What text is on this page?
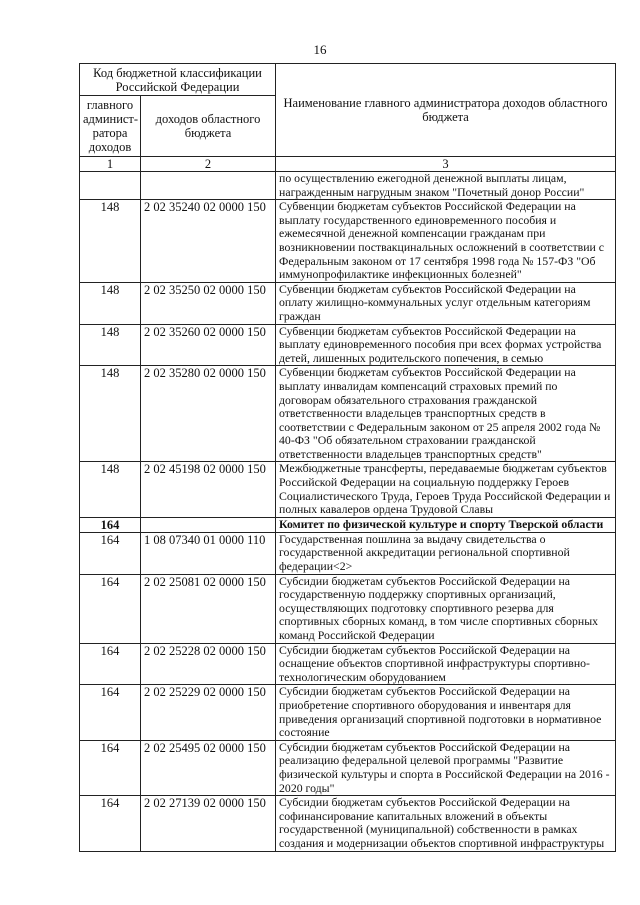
16
Код бюджетной классификации Российской Федерации		Наименование главного администратора доходов областного бюджета
главного админист-ратора доходов	доходов областного бюджета	
1	2	3
		по осуществлению ежегодной денежной выплаты лицам, награжденным нагрудным знаком "Почетный донор России"
148	2 02 35240 02 0000 150	Субвенции бюджетам субъектов Российской Федерации на выплату государственного единовременного пособия и ежемесячной денежной компенсации гражданам при возникновении поствакцинальных осложнений в соответствии с Федеральным законом от 17 сентября 1998 года № 157-ФЗ "Об иммунопрофилактике инфекционных болезней"
148	2 02 35250 02 0000 150	Субвенции бюджетам субъектов Российской Федерации на оплату жилищно-коммунальных услуг отдельным категориям граждан
148	2 02 35260 02 0000 150	Субвенции бюджетам субъектов Российской Федерации на выплату единовременного пособия при всех формах устройства детей, лишенных родительского попечения, в семью
148	2 02 35280 02 0000 150	Субвенции бюджетам субъектов Российской Федерации на выплату инвалидам компенсаций страховых премий по договорам обязательного страхования гражданской ответственности владельцев транспортных средств в соответствии с Федеральным законом от 25 апреля 2002 года № 40-ФЗ "Об обязательном страховании гражданской ответственности владельцев транспортных средств"
148	2 02 45198 02 0000 150	Межбюджетные трансферты, передаваемые бюджетам субъектов Российской Федерации на социальную поддержку Героев Социалистического Труда, Героев Труда Российской Федерации и полных кавалеров ордена Трудовой Славы
164		Комитет по физической культуре и спорту Тверской области
164	1 08 07340 01 0000 110	Государственная пошлина за выдачу свидетельства о государственной аккредитации региональной спортивной федерации<2>
164	2 02 25081 02 0000 150	Субсидии бюджетам субъектов Российской Федерации на государственную поддержку спортивных организаций, осуществляющих подготовку спортивного резерва для спортивных сборных команд, в том числе спортивных сборных команд Российской Федерации
164	2 02 25228 02 0000 150	Субсидии бюджетам субъектов Российской Федерации на оснащение объектов спортивной инфраструктуры спортивно-технологическим оборудованием
164	2 02 25229 02 0000 150	Субсидии бюджетам субъектов Российской Федерации на приобретение спортивного оборудования и инвентаря для приведения организаций спортивной подготовки в нормативное состояние
164	2 02 25495 02 0000 150	Субсидии бюджетам субъектов Российской Федерации на реализацию федеральной целевой программы "Развитие физической культуры и спорта в Российской Федерации на 2016 - 2020 годы"
164	2 02 27139 02 0000 150	Субсидии бюджетам субъектов Российской Федерации на софинансирование капитальных вложений в объекты государственной (муниципальной) собственности в рамках создания и модернизации объектов спортивной инфраструктуры
